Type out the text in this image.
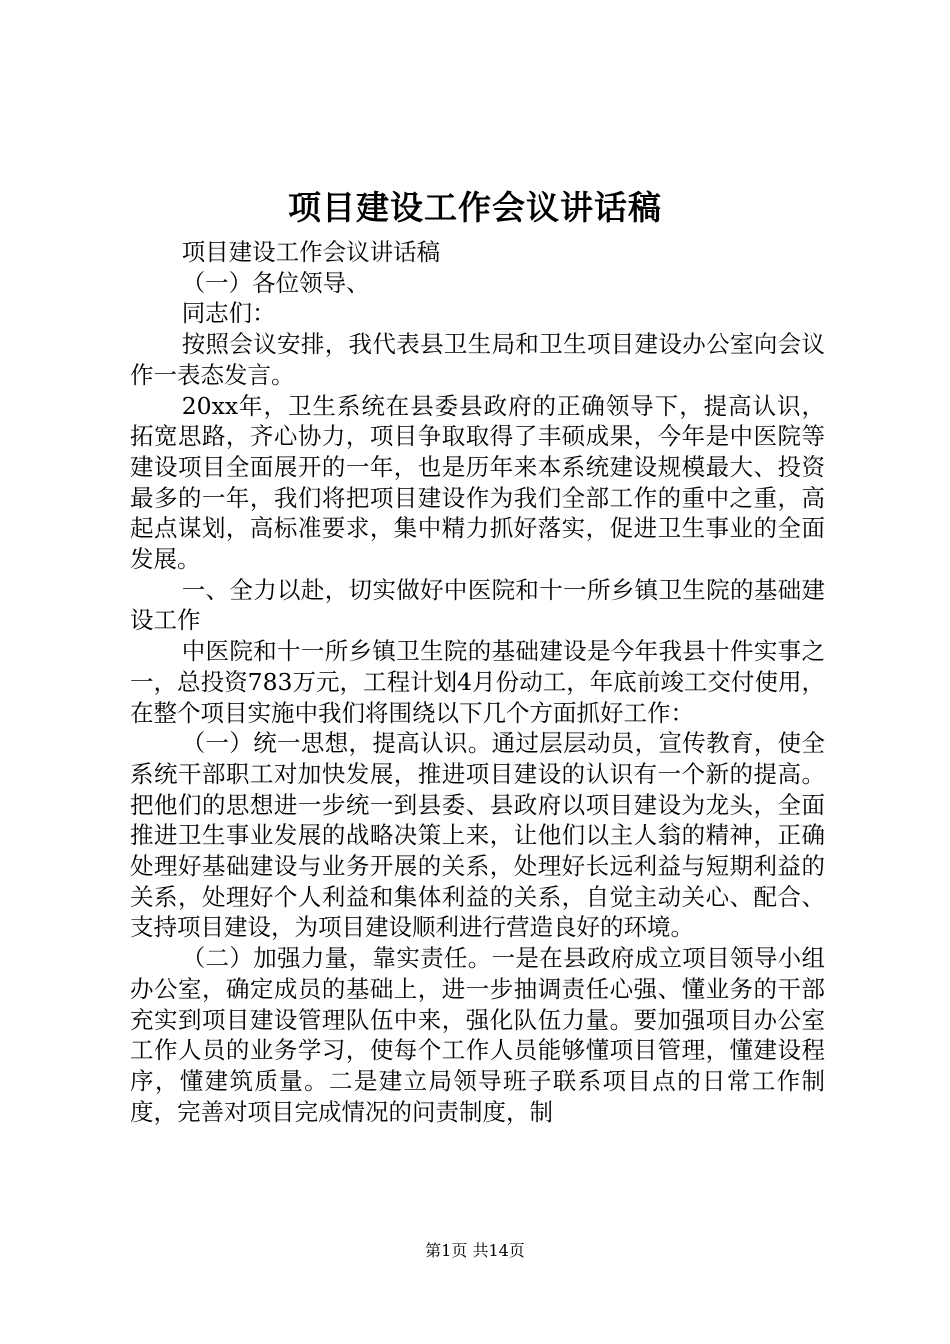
项目建设工作会议讲话稿

项目建设工作会议讲话稿

（一）各位领导、

同志们：

按照会议安排，我代表县卫生局和卫生项目建设办公室向会议作一表态发言。

20xx年，卫生系统在县委县政府的正确领导下，提高认识，拓宽思路，齐心协力，项目争取取得了丰硕成果，今年是中医院等建设项目全面展开的一年，也是历年来本系统建设规模最大、投资最多的一年，我们将把项目建设作为我们全部工作的重中之重，高起点谋划，高标准要求，集中精力抓好落实，促进卫生事业的全面发展。

一、全力以赴，切实做好中医院和十一所乡镇卫生院的基础建设工作

中医院和十一所乡镇卫生院的基础建设是今年我县十件实事之一，总投资783万元，工程计划4月份动工，年底前竣工交付使用，在整个项目实施中我们将围绕以下几个方面抓好工作：

（一）统一思想，提高认识。通过层层动员，宣传教育，使全系统干部职工对加快发展，推进项目建设的认识有一个新的提高。把他们的思想进一步统一到县委、县政府以项目建设为龙头，全面推进卫生事业发展的战略决策上来，让他们以主人翁的精神，正确处理好基础建设与业务开展的关系，处理好长远利益与短期利益的关系，处理好个人利益和集体利益的关系，自觉主动关心、配合、支持项目建设，为项目建设顺利进行营造良好的环境。

（二）加强力量，靠实责任。一是在县政府成立项目领导小组办公室，确定成员的基础上，进一步抽调责任心强、懂业务的干部充实到项目建设管理队伍中来，强化队伍力量。要加强项目办公室工作人员的业务学习，使每个工作人员能够懂项目管理，懂建设程序，懂建筑质量。二是建立局领导班子联系项目点的日常工作制度，完善对项目完成情况的问责制度，制

第1页 共14页
